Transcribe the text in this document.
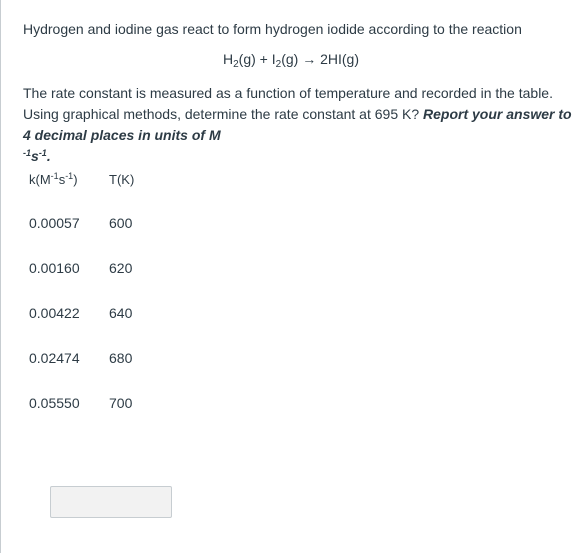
Hydrogen and iodine gas react to form hydrogen iodide according to the reaction
$H_2(g) + I_2(g) \to 2HI(g)$
The rate constant is measured as a function of temperature and recorded in the table.
Using graphical methods, determine the rate constant at 695 K? Report your answer to 4 decimal places in units of M
$^{-1}s^{-1}$.
$k(M^{-1}s^{-1})$ T(K)
0.00057 600
0.00160 620
0.00422 640
0.02474 680
0.05550 700
